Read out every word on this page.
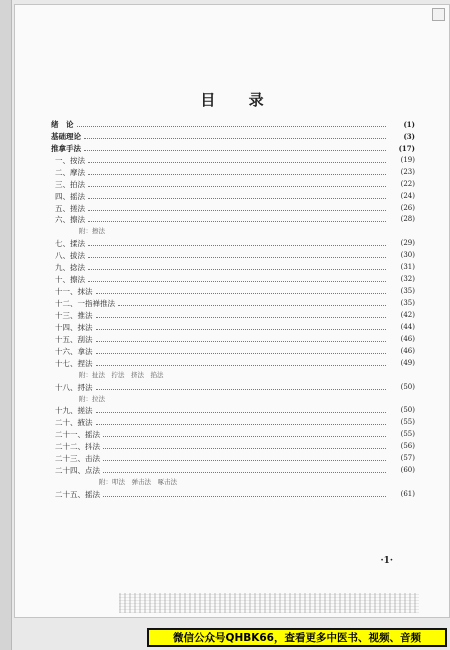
目 录
绪　论	(1)
基础理论	(3)
推拿手法	(17)
一、按法	(19)
二、摩法	(23)
三、拍法	(22)
四、摇法	(24)
五、搓法	(26)
六、擦法	(28)
附：擦法
七、揉法	(29)
八、拔法	(30)
九、捻法	(31)
十、擦法	(32)
十一、抹法	(35)
十二、一指禅推法	(35)
十三、推法	(42)
十四、抹法	(44)
十五、刮法	(46)
十六、拿法	(46)
十七、捏法	(49)
附：扯法　拧法　挤法　掐法
十八、捋法	(50)
附：拉法
十九、搓法	(50)
二十、掖法	(55)
二十一、摇法	(55)
二十二、抖法	(56)
二十三、击法	(57)
二十四、点法	(60)
附：叩法　弹击法　啄击法
二十五、摇法	(61)
·1·
微信公众号QHBK66，查看更多中医书、视频、音频
